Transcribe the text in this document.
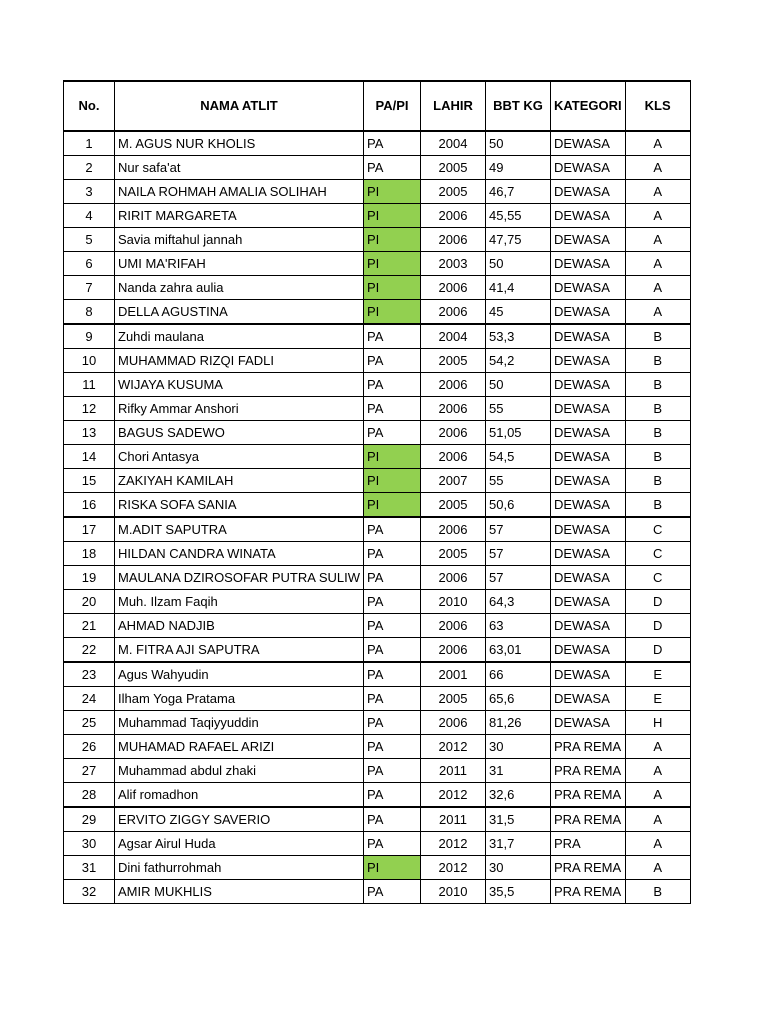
No.	NAMA ATLIT	PA/PI	LAHIR	BBT KG	KATEGORI	KLS
1	M. AGUS NUR KHOLIS	PA	2004	50	DEWASA	A
2	Nur safa'at	PA	2005	49	DEWASA	A
3	NAILA ROHMAH AMALIA SOLIHAH	PI	2005	46,7	DEWASA	A
4	RIRIT MARGARETA	PI	2006	45,55	DEWASA	A
5	Savia miftahul jannah	PI	2006	47,75	DEWASA	A
6	UMI MA'RIFAH	PI	2003	50	DEWASA	A
7	Nanda zahra aulia	PI	2006	41,4	DEWASA	A
8	DELLA AGUSTINA	PI	2006	45	DEWASA	A
9	Zuhdi maulana	PA	2004	53,3	DEWASA	B
10	MUHAMMAD RIZQI FADLI	PA	2005	54,2	DEWASA	B
11	WIJAYA KUSUMA	PA	2006	50	DEWASA	B
12	Rifky Ammar Anshori	PA	2006	55	DEWASA	B
13	BAGUS SADEWO	PA	2006	51,05	DEWASA	B
14	Chori Antasya	PI	2006	54,5	DEWASA	B
15	ZAKIYAH KAMILAH	PI	2007	55	DEWASA	B
16	RISKA SOFA SANIA	PI	2005	50,6	DEWASA	B
17	M.ADIT SAPUTRA	PA	2006	57	DEWASA	C
18	HILDAN CANDRA WINATA	PA	2005	57	DEWASA	C
19	MAULANA DZIROSOFAR PUTRA SULIW	PA	2006	57	DEWASA	C
20	Muh. Ilzam Faqih	PA	2010	64,3	DEWASA	D
21	AHMAD NADJIB	PA	2006	63	DEWASA	D
22	M. FITRA AJI SAPUTRA	PA	2006	63,01	DEWASA	D
23	Agus Wahyudin	PA	2001	66	DEWASA	E
24	Ilham Yoga Pratama	PA	2005	65,6	DEWASA	E
25	Muhammad Taqiyyuddin	PA	2006	81,26	DEWASA	H
26	MUHAMAD RAFAEL ARIZI	PA	2012	30	PRA REMA	A
27	Muhammad abdul zhaki	PA	2011	31	PRA REMA	A
28	Alif romadhon	PA	2012	32,6	PRA REMA	A
29	ERVITO ZIGGY SAVERIO	PA	2011	31,5	PRA REMA	A
30	Agsar Airul Huda	PA	2012	31,7	PRA	A
31	Dini fathurrohmah	PI	2012	30	PRA REMA	A
32	AMIR MUKHLIS	PA	2010	35,5	PRA REMA	B
